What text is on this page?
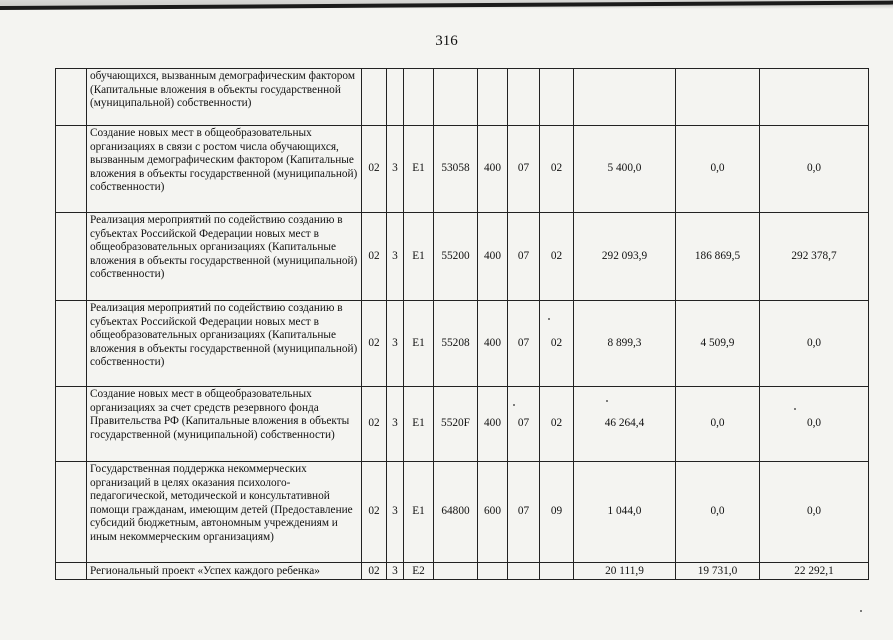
316
	обучающихся, вызванным демографическим фактором (Капитальные вложения в объекты государственной (муниципальной) собственности)										
	Создание новых мест в общеобразовательных организациях в связи с ростом числа обучающихся, вызванным демографическим фактором (Капитальные вложения в объекты государственной (муниципальной) собственности)	02	3	E1	53058	400	07	02	5 400,0	0,0	0,0
	Реализация мероприятий по содействию созданию в субъектах Российской Федерации новых мест в общеобразовательных организациях (Капитальные вложения в объекты государственной (муниципальной) собственности)	02	3	E1	55200	400	07	02	292 093,9	186 869,5	292 378,7
	Реализация мероприятий по содействию созданию в субъектах Российской Федерации новых мест в общеобразовательных организациях (Капитальные вложения в объекты государственной (муниципальной) собственности)	02	3	E1	55208	400	07	02	8 899,3	4 509,9	0,0
	Создание новых мест в общеобразовательных организациях за счет средств резервного фонда Правительства РФ (Капитальные вложения в объекты государственной (муниципальной) собственности)	02	3	E1	5520F	400	07	02	46 264,4	0,0	0,0
	Государственная поддержка некоммерческих организаций в целях оказания психолого-педагогической, методической и консультативной помощи гражданам, имеющим детей (Предоставление субсидий бюджетным, автономным учреждениям и иным некоммерческим организациям)	02	3	E1	64800	600	07	09	1 044,0	0,0	0,0
	Региональный проект «Успех каждого ребенка»	02	3	E2					20 111,9	19 731,0	22 292,1
